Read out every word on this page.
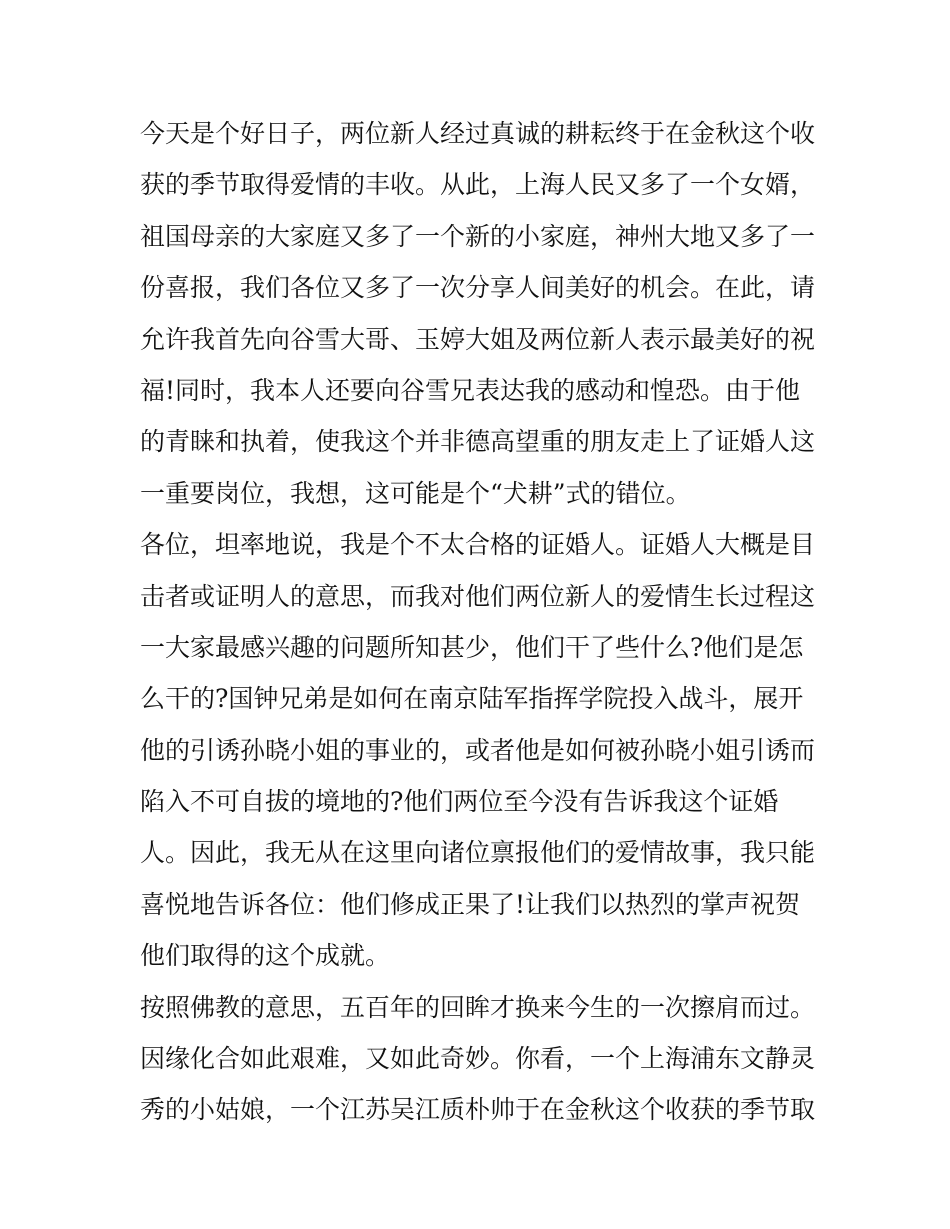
今天是个好日子，两位新人经过真诚的耕耘终于在金秋这个收
获的季节取得爱情的丰收。从此，上海人民又多了一个女婿，
祖国母亲的大家庭又多了一个新的小家庭，神州大地又多了一
份喜报，我们各位又多了一次分享人间美好的机会。在此，请
允许我首先向谷雪大哥、玉婷大姐及两位新人表示最美好的祝
福!同时，我本人还要向谷雪兄表达我的感动和惶恐。由于他
的青睐和执着，使我这个并非德高望重的朋友走上了证婚人这
一重要岗位，我想，这可能是个“犬耕”式的错位。
各位，坦率地说，我是个不太合格的证婚人。证婚人大概是目
击者或证明人的意思，而我对他们两位新人的爱情生长过程这
一大家最感兴趣的问题所知甚少，他们干了些什么?他们是怎
么干的?国钟兄弟是如何在南京陆军指挥学院投入战斗，展开
他的引诱孙晓小姐的事业的，或者他是如何被孙晓小姐引诱而
陷入不可自拔的境地的?他们两位至今没有告诉我这个证婚
人。因此，我无从在这里向诸位禀报他们的爱情故事，我只能
喜悦地告诉各位：他们修成正果了!让我们以热烈的掌声祝贺
他们取得的这个成就。
按照佛教的意思，五百年的回眸才换来今生的一次擦肩而过。
因缘化合如此艰难，又如此奇妙。你看，一个上海浦东文静灵
秀的小姑娘，一个江苏吴江质朴帅于在金秋这个收获的季节取
